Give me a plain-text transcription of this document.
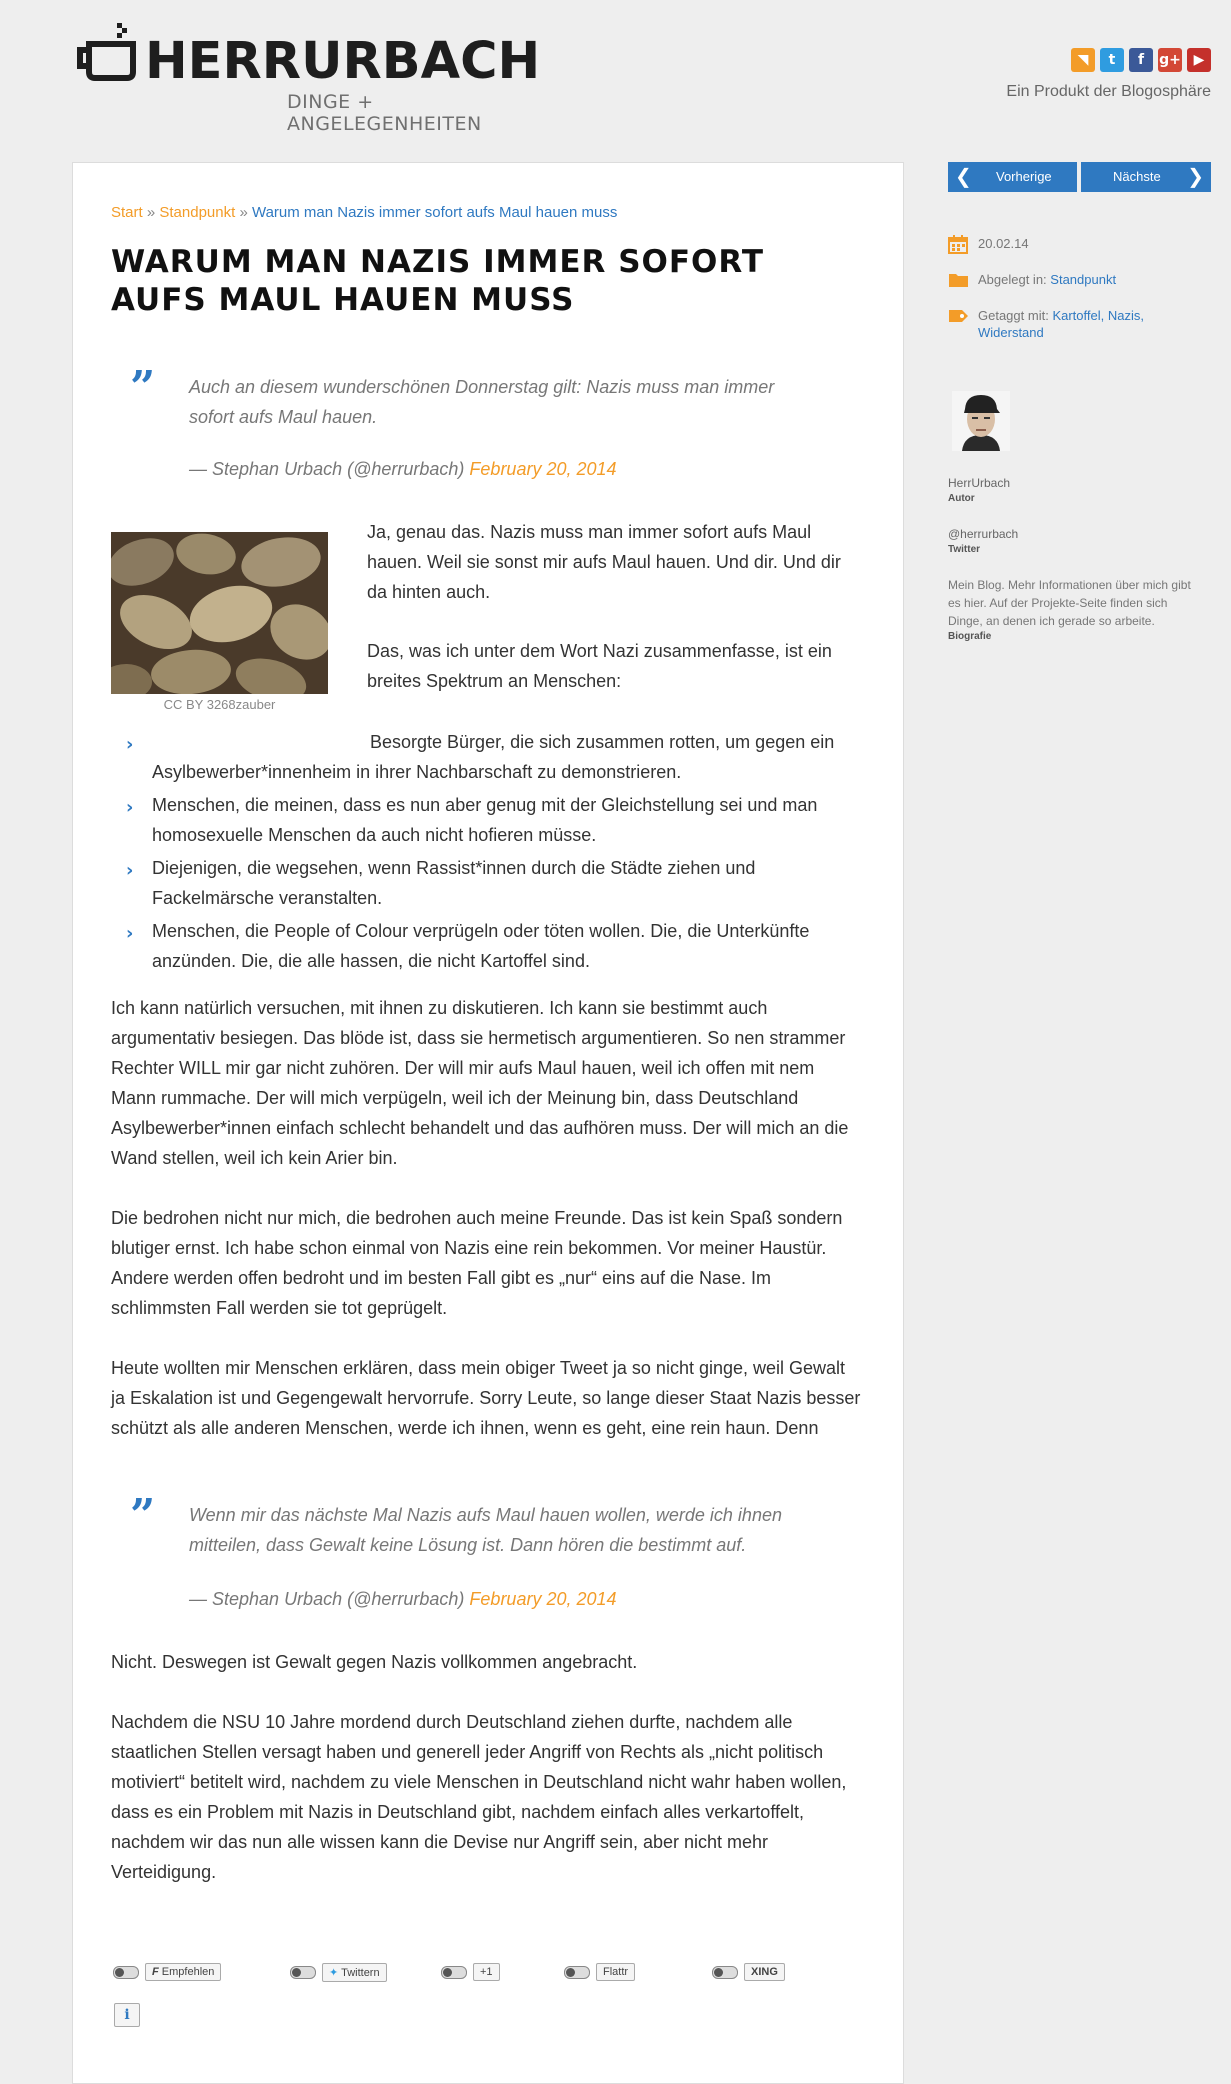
HERRURBACH
DINGE + ANGELEGENHEITEN
◥	t	f	g+ ▶
Ein Produkt der Blogosphäre
Start » Standpunkt » Warum man Nazis immer sofort aufs Maul hauen muss
WARUM MAN NAZIS IMMER SOFORT AUFS MAUL HAUEN MUSS
” Auch an diesem wunderschönen Donnerstag gilt: Nazis muss man immer sofort aufs Maul hauen.
— Stephan Urbach (@herrurbach) February 20, 2014
CC BY 3268zauber

Ja, genau das. Nazis muss man immer sofort aufs Maul hauen. Weil sie sonst mir aufs Maul hauen. Und dir. Und dir da hinten auch.

Das, was ich unter dem Wort Nazi zusammenfasse, ist ein breites Spektrum an Menschen:

›	Besorgte Bürger, die sich zusammen rotten, um gegen ein Asylbewerber*innenheim in ihrer Nachbarschaft zu demonstrieren.
› Menschen, die meinen, dass es nun aber genug mit der Gleichstellung sei und man homosexuelle Menschen da auch nicht hofieren müsse.
› Diejenigen, die wegsehen, wenn Rassist*innen durch die Städte ziehen und Fackelmärsche veranstalten.
› Menschen, die People of Colour verprügeln oder töten wollen. Die, die Unterkünfte anzünden. Die, die alle hassen, die nicht Kartoffel sind.

Ich kann natürlich versuchen, mit ihnen zu diskutieren. Ich kann sie bestimmt auch argumentativ besiegen. Das blöde ist, dass sie hermetisch argumentieren. So nen strammer Rechter WILL mir gar nicht zuhören. Der will mir aufs Maul hauen, weil ich offen mit nem Mann rummache. Der will mich verpügeln, weil ich der Meinung bin, dass Deutschland Asylbewerber*innen einfach schlecht behandelt und das aufhören muss. Der will mich an die Wand stellen, weil ich kein Arier bin.

Die bedrohen nicht nur mich, die bedrohen auch meine Freunde. Das ist kein Spaß sondern blutiger ernst. Ich habe schon einmal von Nazis eine rein bekommen. Vor meiner Haustür. Andere werden offen bedroht und im besten Fall gibt es „nur“ eins auf die Nase. Im schlimmsten Fall werden sie tot geprügelt.

Heute wollten mir Menschen erklären, dass mein obiger Tweet ja so nicht ginge, weil Gewalt ja Eskalation ist und Gegengewalt hervorrufe. Sorry Leute, so lange dieser Staat Nazis besser schützt als alle anderen Menschen, werde ich ihnen, wenn es geht, eine rein haun. Denn

” Wenn mir das nächste Mal Nazis aufs Maul hauen wollen, werde ich ihnen mitteilen, dass Gewalt keine Lösung ist. Dann hören die bestimmt auf.
— Stephan Urbach (@herrurbach) February 20, 2014

Nicht. Deswegen ist Gewalt gegen Nazis vollkommen angebracht.

Nachdem die NSU 10 Jahre mordend durch Deutschland ziehen durfte, nachdem alle staatlichen Stellen versagt haben und generell jeder Angriff von Rechts als „nicht politisch motiviert“ betitelt wird, nachdem zu viele Menschen in Deutschland nicht wahr haben wollen, dass es ein Problem mit Nazis in Deutschland gibt, nachdem einfach alles verkartoffelt, nachdem wir das nun alle wissen kann die Devise nur Angriff sein, aber nicht mehr Verteidigung.

F Empfehlen	✦ Twittern	+1	Flattr	XING
i
❮ Vorherige	Nächste ❯
20.02.14
Abgelegt in: Standpunkt
Getaggt mit: Kartoffel, Nazis,
Widerstand
HerrUrbach
Autor
@herrurbach
Twitter

Mein Blog. Mehr Informationen über mich gibt es hier. Auf der Projekte-Seite finden sich Dinge, an denen ich gerade so arbeite.

Biografie
